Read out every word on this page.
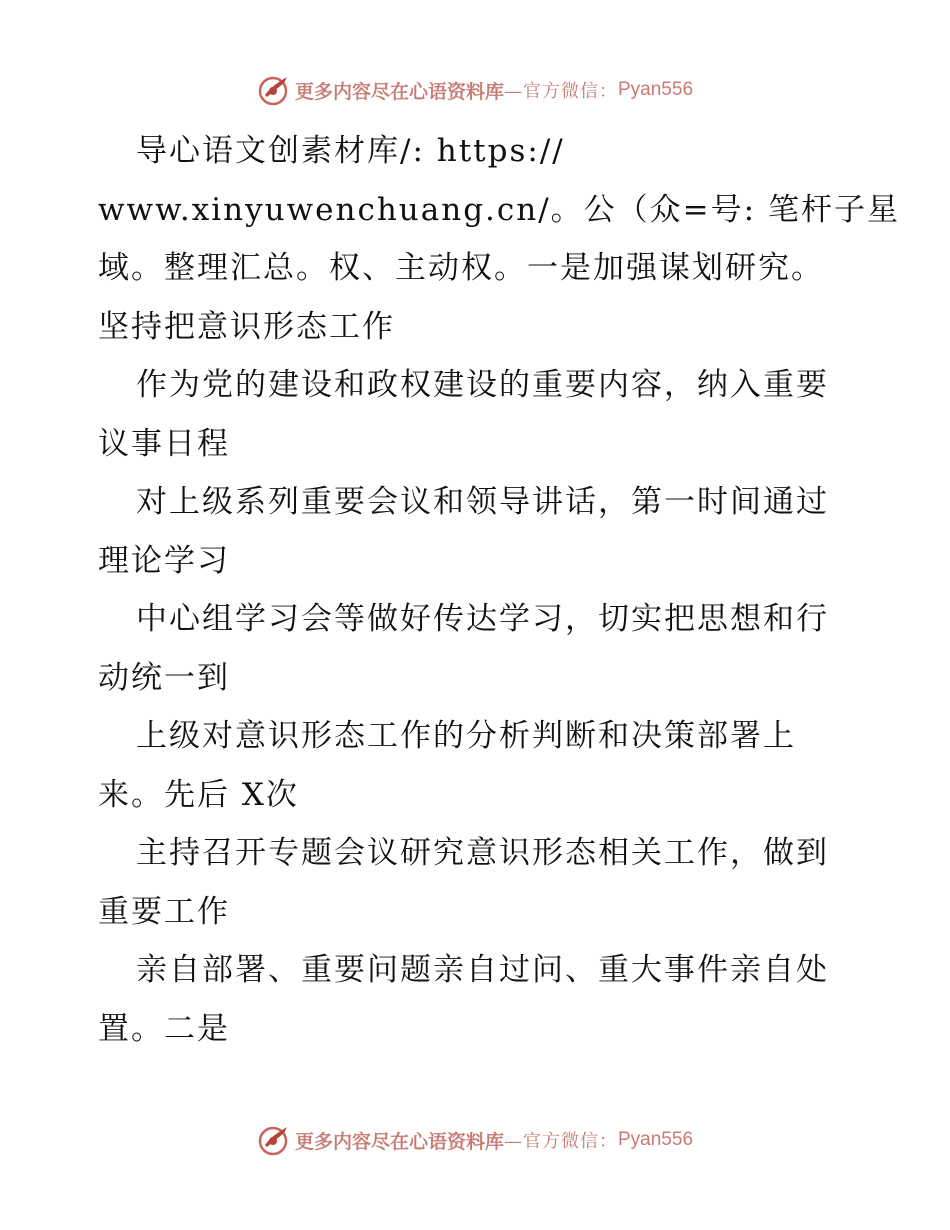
更多内容尽在心语资料库 —官方微信： Pyan556
导心语文创素材库/: https://
www.xinyuwenchuang.cn/。公（众=号: 笔杆子星
域。整理汇总。权、主动权。一是加强谋划研究。
坚持把意识形态工作
作为党的建设和政权建设的重要内容，纳入重要
议事日程
对上级系列重要会议和领导讲话，第一时间通过
理论学习
中心组学习会等做好传达学习，切实把思想和行
动统一到
上级对意识形态工作的分析判断和决策部署上
来。先后 X次
主持召开专题会议研究意识形态相关工作，做到
重要工作
亲自部署、重要问题亲自过问、重大事件亲自处
置。二是
更多内容尽在心语资料库 —官方微信： Pyan556
